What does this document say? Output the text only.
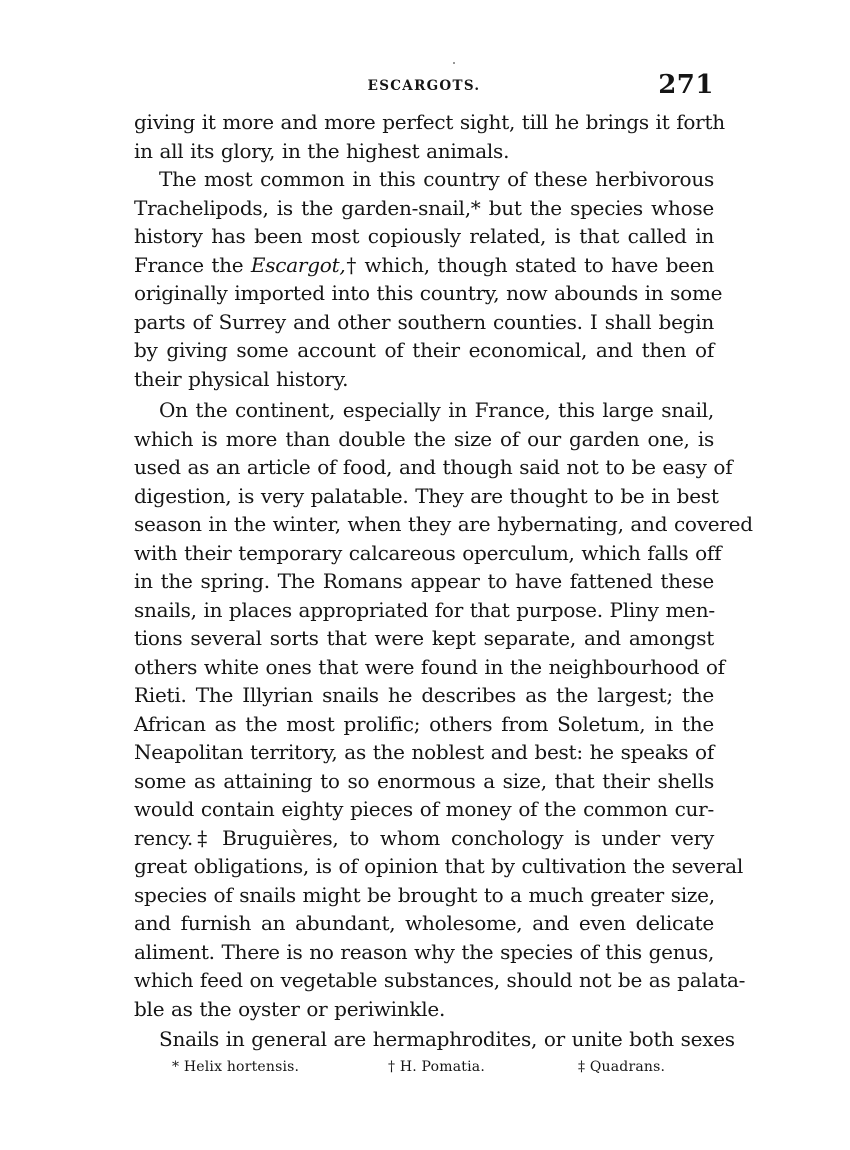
ESCARGOTS.	271
giving it more and more perfect sight, till he brings it forth
in all its glory, in the highest animals.
The most common in this country of these herbivorous
Trachelipods, is the garden-snail,* but the species whose
history has been most copiously related, is that called in
France the Escargot,† which, though stated to have been
originally imported into this country, now abounds in some
parts of Surrey and other southern counties. I shall begin
by giving some account of their economical, and then of
their physical history.
On the continent, especially in France, this large snail,
which is more than double the size of our garden one, is
used as an article of food, and though said not to be easy of
digestion, is very palatable. They are thought to be in best
season in the winter, when they are hybernating, and covered
with their temporary calcareous operculum, which falls off
in the spring. The Romans appear to have fattened these
snails, in places appropriated for that purpose. Pliny men-
tions several sorts that were kept separate, and amongst
others white ones that were found in the neighbourhood of
Rieti. The Illyrian snails he describes as the largest; the
African as the most prolific; others from Soletum, in the
Neapolitan territory, as the noblest and best: he speaks of
some as attaining to so enormous a size, that their shells
would contain eighty pieces of money of the common cur-
rency.‡ Bruguières, to whom conchology is under very
great obligations, is of opinion that by cultivation the several
species of snails might be brought to a much greater size,
and furnish an abundant, wholesome, and even delicate
aliment. There is no reason why the species of this genus,
which feed on vegetable substances, should not be as palata-
ble as the oyster or periwinkle.
Snails in general are hermaphrodites, or unite both sexes
* Helix hortensis.	† H. Pomatia.	‡ Quadrans.
